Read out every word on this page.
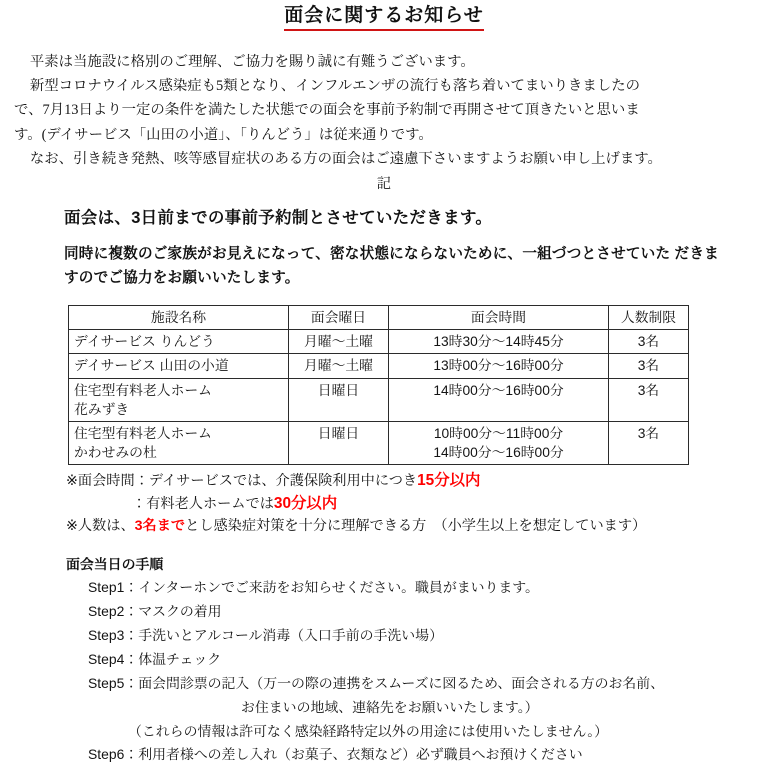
面会に関するお知らせ

平素は当施設に格別のご理解、ご協力を賜り誠に有難うございます。

新型コロナウイルス感染症も5類となり、インフルエンザの流行も落ち着いてまいりきましたの

で、7月13日より一定の条件を満たした状態での面会を事前予約制で再開させて頂きたいと思いま

す。(デイサービス「山田の小道」、「りんどう」は従来通りです。

なお、引き続き発熱、咳等感冒症状のある方の面会はご遠慮下さいますようお願い申し上げます。

記
面会は、3日前までの事前予約制とさせていただきます。
同時に複数のご家族がお見えになって、密な状態にならないために、一組づつとさせていた だきますのでご協力をお願いいたします。
施設名称	面会曜日	面会時間	人数制限

デイサービス りんどう	月曜～土曜	13時30分～14時45分	3名

デイサービス 山田の小道	月曜～土曜	13時00分～16時00分	3名

住宅型有料老人ホーム
花みずき	日曜日	14時00分～16時00分	3名

住宅型有料老人ホーム
かわせみの杜	日曜日	10時00分～11時00分
14時00分～16時00分	3名

※面会時間：デイサービスでは、介護保険利用中につき15分以内

：有料老人ホームでは30分以内

※人数は、3名までとし感染症対策を十分に理解できる方　（小学生以上を想定しています）

面会当日の手順
Step1：インターホンでご来訪をお知らせください。職員がまいります。
Step2：マスクの着用
Step3：手洗いとアルコール消毒（入口手前の手洗い場）
Step4：体温チェック
Step5：面会問診票の記入（万一の際の連携をスムーズに図るため、面会される方のお名前、
お住まいの地域、連絡先をお願いいたします。）
（これらの情報は許可なく感染経路特定以外の用途には使用いたしません。）
Step6：利用者様への差し入れ（お菓子、衣類など）必ず職員へお預けください
